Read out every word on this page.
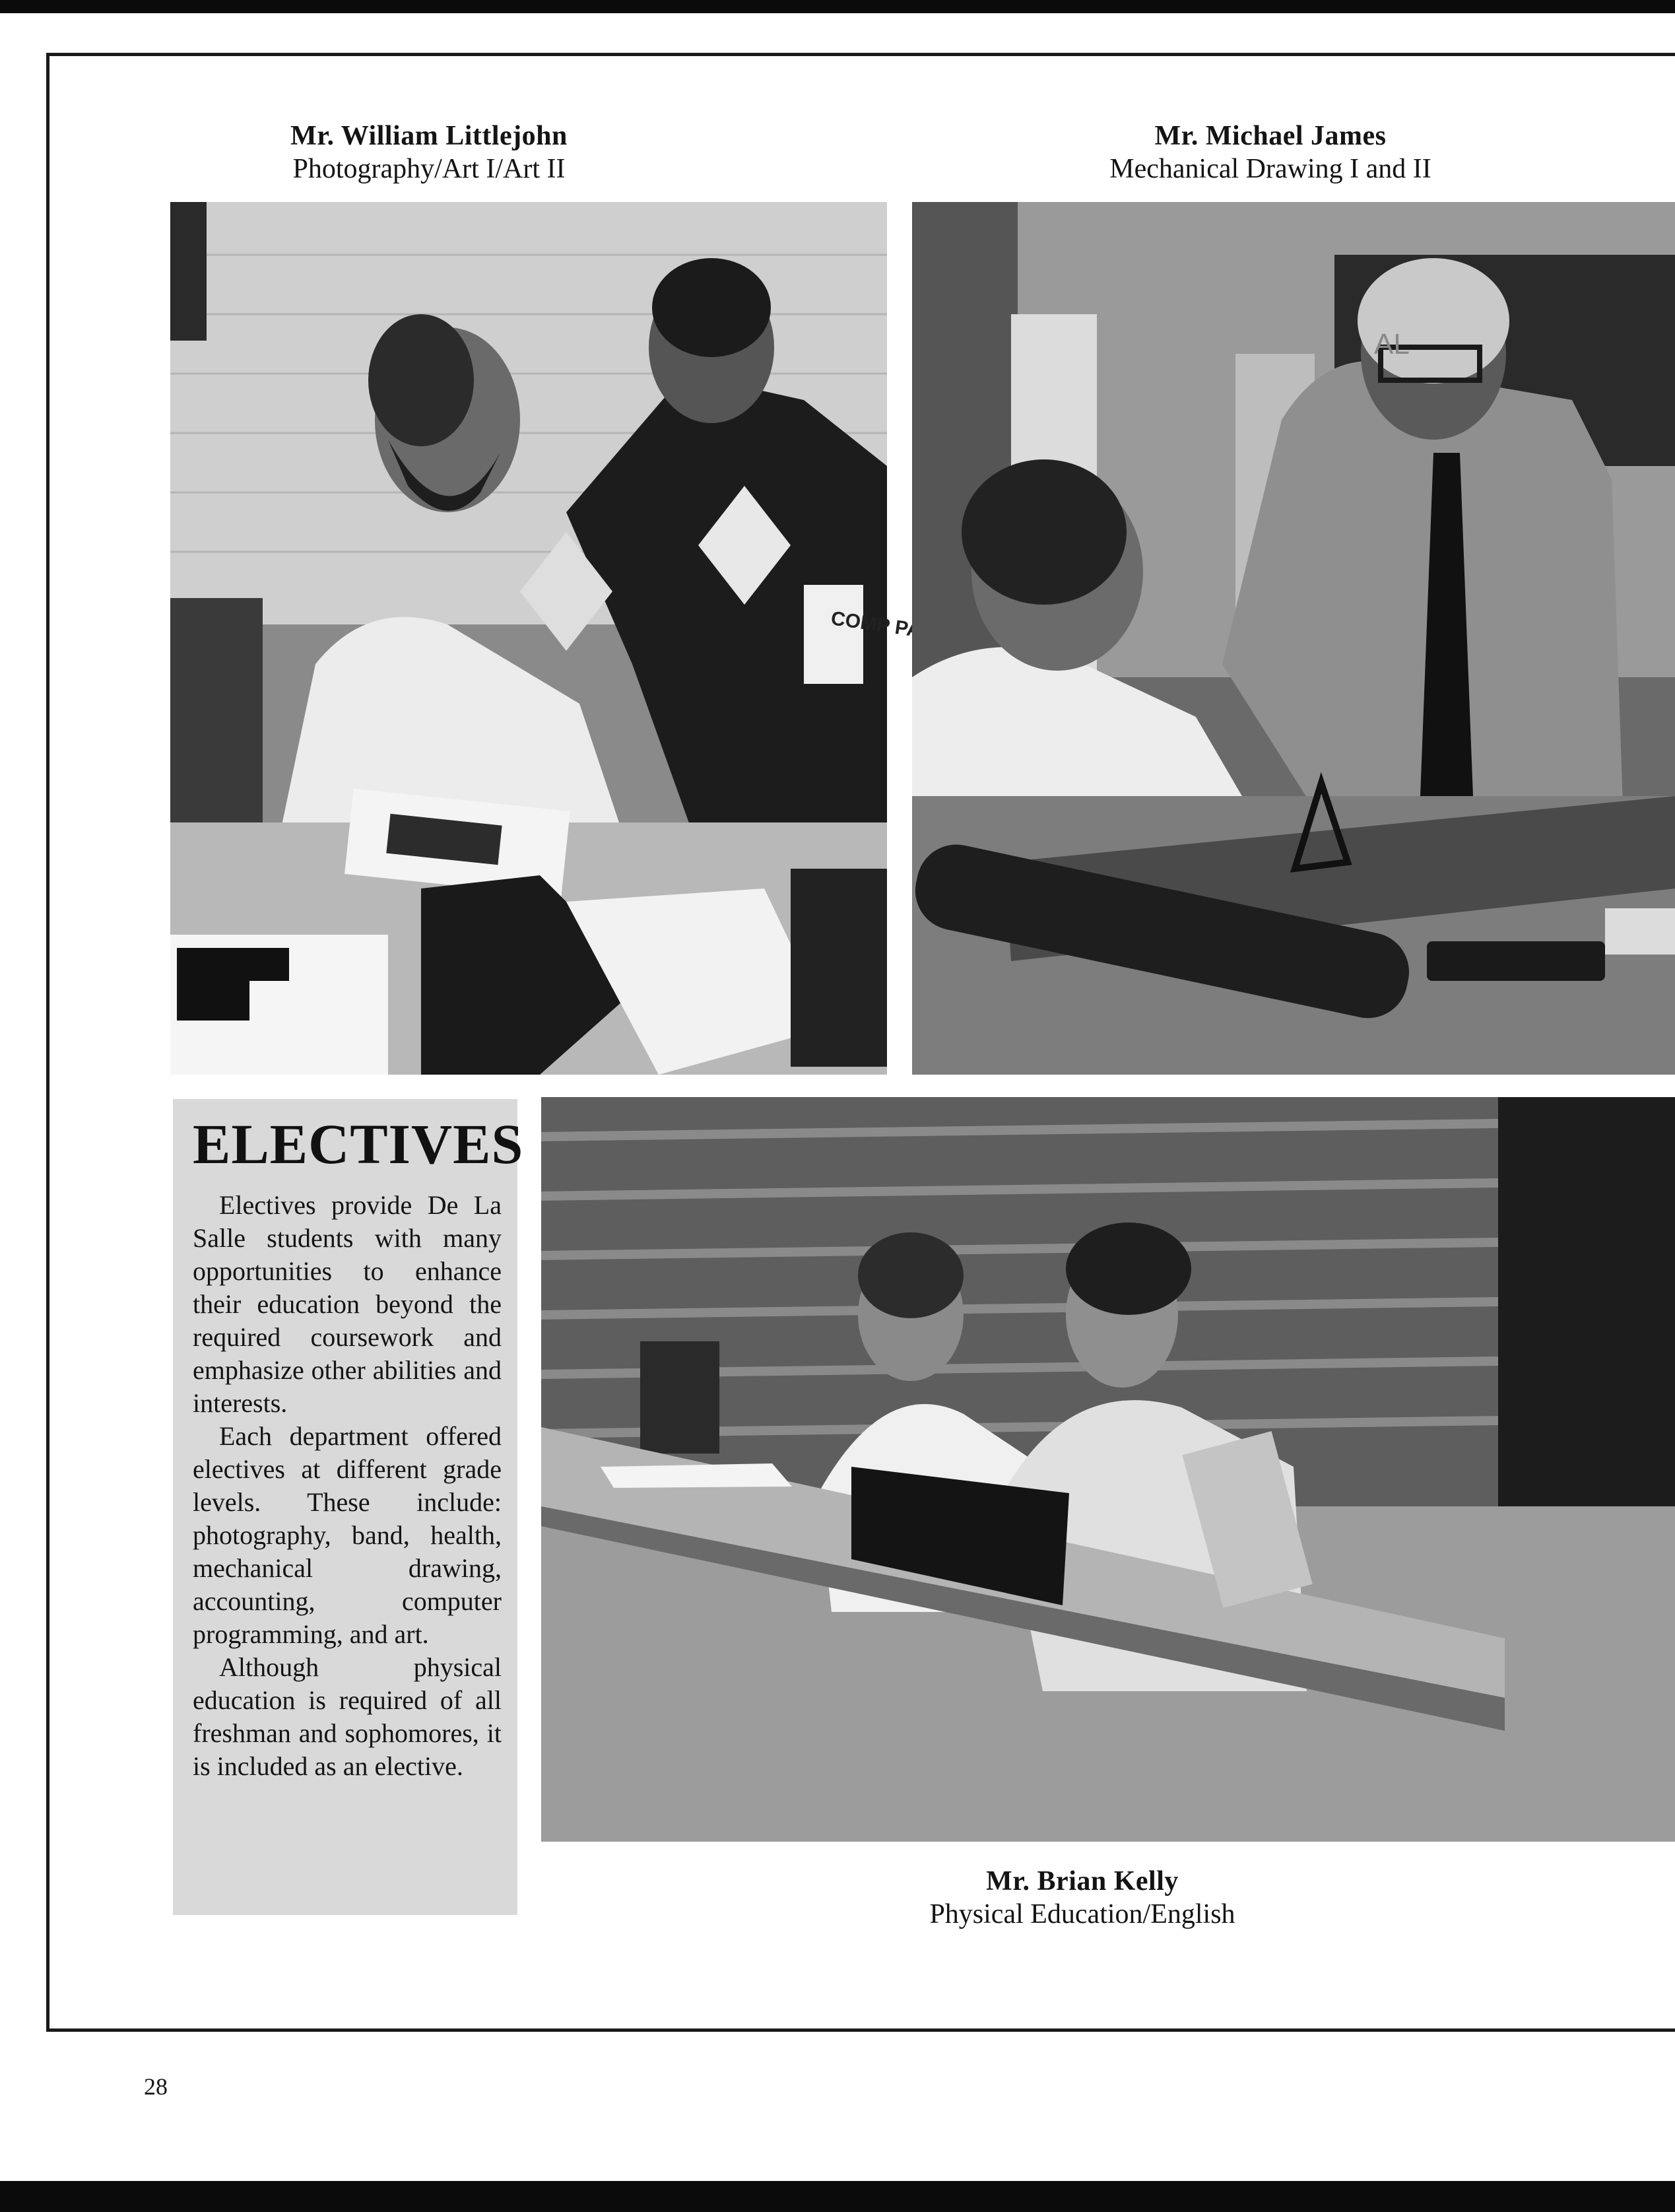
Mr. William Littlejohn
Photography/Art I/Art II
Mr. Michael James
Mechanical Drawing I and II
COMP
AL
ELECTIVES

Electives provide De La Salle students with many opportunities to enhance their education beyond the required coursework and emphasize other abilities and interests.

Each department offered electives at different grade levels. These include: photography, band, health, mechanical drawing, accounting, computer programming, and art.

Although physical education is required of all freshman and sophomores, it is included as an elective.

Mr. Brian Kelly
Physical Education/English
28
